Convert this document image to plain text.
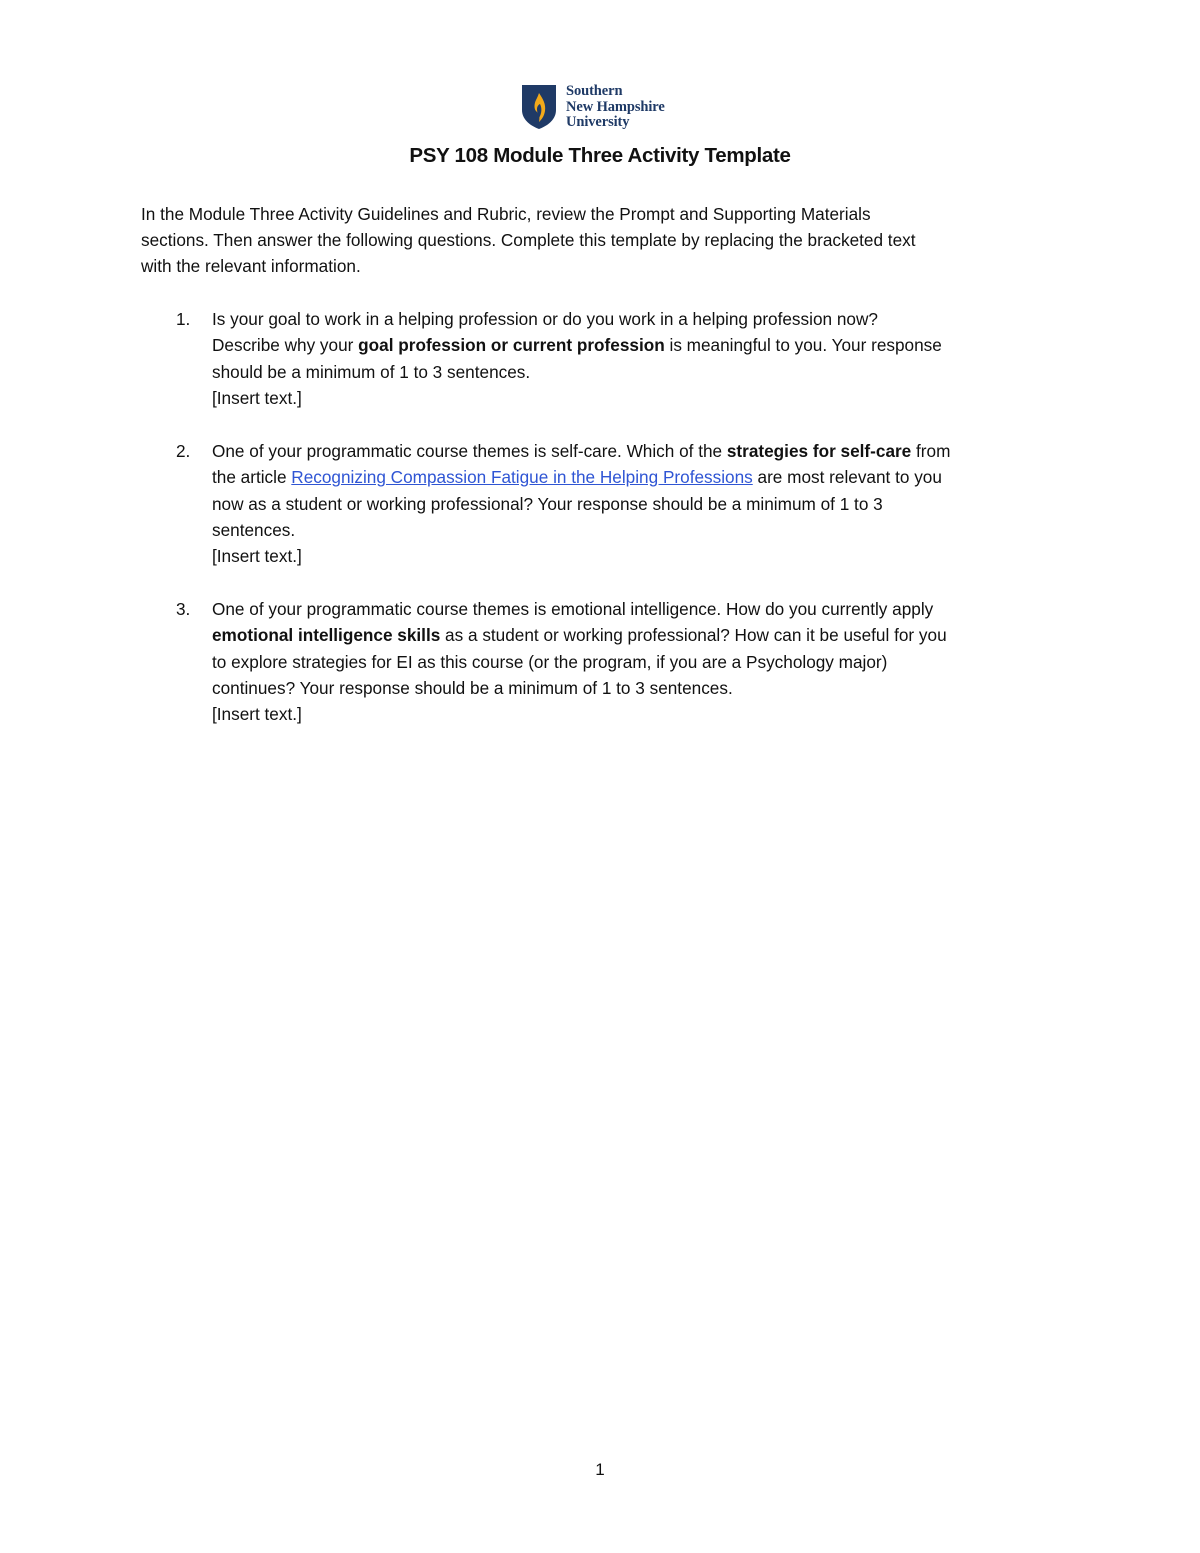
Southern
New Hampshire
University
PSY 108 Module Three Activity Template
In the Module Three Activity Guidelines and Rubric, review the Prompt and Supporting Materials
sections. Then answer the following questions. Complete this template by replacing the bracketed text
with the relevant information.
1. Is your goal to work in a helping profession or do you work in a helping profession now?
Describe why your goal profession or current profession is meaningful to you. Your response
should be a minimum of 1 to 3 sentences.
[Insert text.]
2. One of your programmatic course themes is self-care. Which of the strategies for self-care from
the article Recognizing Compassion Fatigue in the Helping Professions are most relevant to you
now as a student or working professional? Your response should be a minimum of 1 to 3
sentences.
[Insert text.]
3. One of your programmatic course themes is emotional intelligence. How do you currently apply
emotional intelligence skills as a student or working professional? How can it be useful for you
to explore strategies for EI as this course (or the program, if you are a Psychology major)
continues? Your response should be a minimum of 1 to 3 sentences.
[Insert text.]
1
